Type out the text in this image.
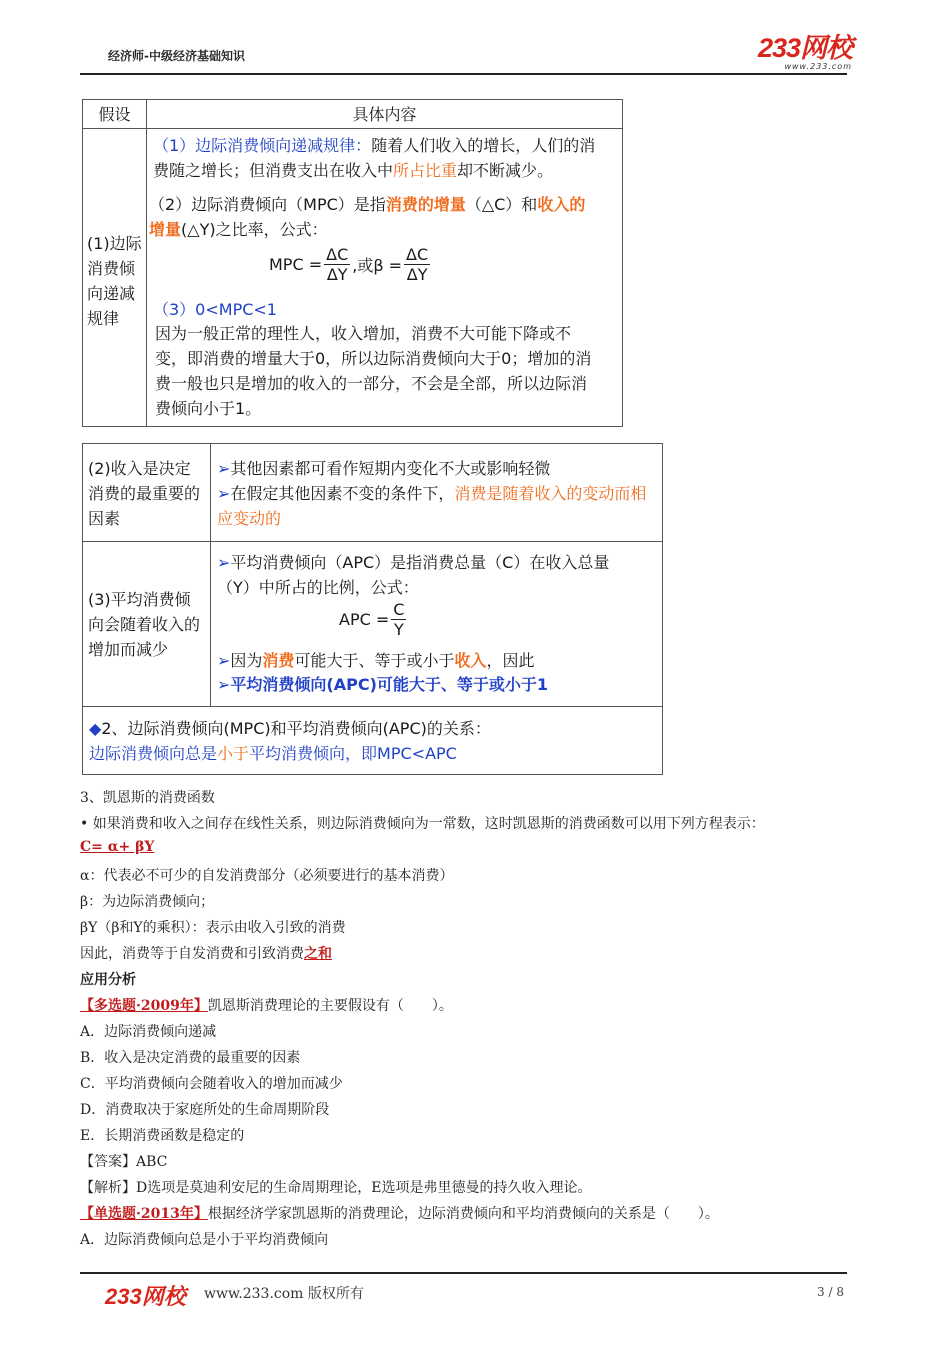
经济师-中级经济基础知识	233网校
www.233.com
假设	具体内容
(1)边际消费倾向递减规律
（1）边际消费倾向递减规律：随着人们收入的增长，人们的消费随之增长；但消费支出在收入中所占比重却不断减少。
（2）边际消费倾向（MPC）是指消费的增量（△C）和收入的增量(△Y)之比率，公式：
MPC = $\frac{\Delta C}{\Delta Y}$ ,或$\beta = \frac{\Delta C}{\Delta Y}$
（3）0<MPC<1
因为一般正常的理性人，收入增加，消费不大可能下降或不变，即消费的增量大于0，所以边际消费倾向大于0；增加的消费一般也只是增加的收入的一部分，不会是全部，所以边际消费倾向小于1。
(2)收入是决定消费的最重要的因素
➢其他因素都可看作短期内变化不大或影响轻微
➢在假定其他因素不变的条件下，消费是随着收入的变动而相应变动的
(3)平均消费倾向会随着收入的增加而减少
➢平均消费倾向（APC）是指消费总量（C）在收入总量（Y）中所占的比例，公式：
APC = $\frac{C}{Y}$
➢因为消费可能大于、等于或小于收入，因此
➢平均消费倾向(APC)可能大于、等于或小于1
◆2、边际消费倾向(MPC)和平均消费倾向(APC)的关系：
边际消费倾向总是小于平均消费倾向，即MPC<APC
3、凯恩斯的消费函数
• 如果消费和收入之间存在线性关系，则边际消费倾向为一常数，这时凯恩斯的消费函数可以用下列方程表示：
C= α+ βY
α：代表必不可少的自发消费部分（必须要进行的基本消费）
β：为边际消费倾向；
βY（β和Y的乘积）：表示由收入引致的消费
因此，消费等于自发消费和引致消费之和
应用分析
【多选题·2009年】凯恩斯消费理论的主要假设有（　　）。
A．边际消费倾向递减
B．收入是决定消费的最重要的因素
C．平均消费倾向会随着收入的增加而减少
D．消费取决于家庭所处的生命周期阶段
E．长期消费函数是稳定的
【答案】ABC
【解析】D选项是莫迪利安尼的生命周期理论，E选项是弗里德曼的持久收入理论。
【单选题·2013年】根据经济学家凯恩斯的消费理论，边际消费倾向和平均消费倾向的关系是（　　）。
A．边际消费倾向总是小于平均消费倾向
233网校 www.233.com 版权所有	3 / 8
